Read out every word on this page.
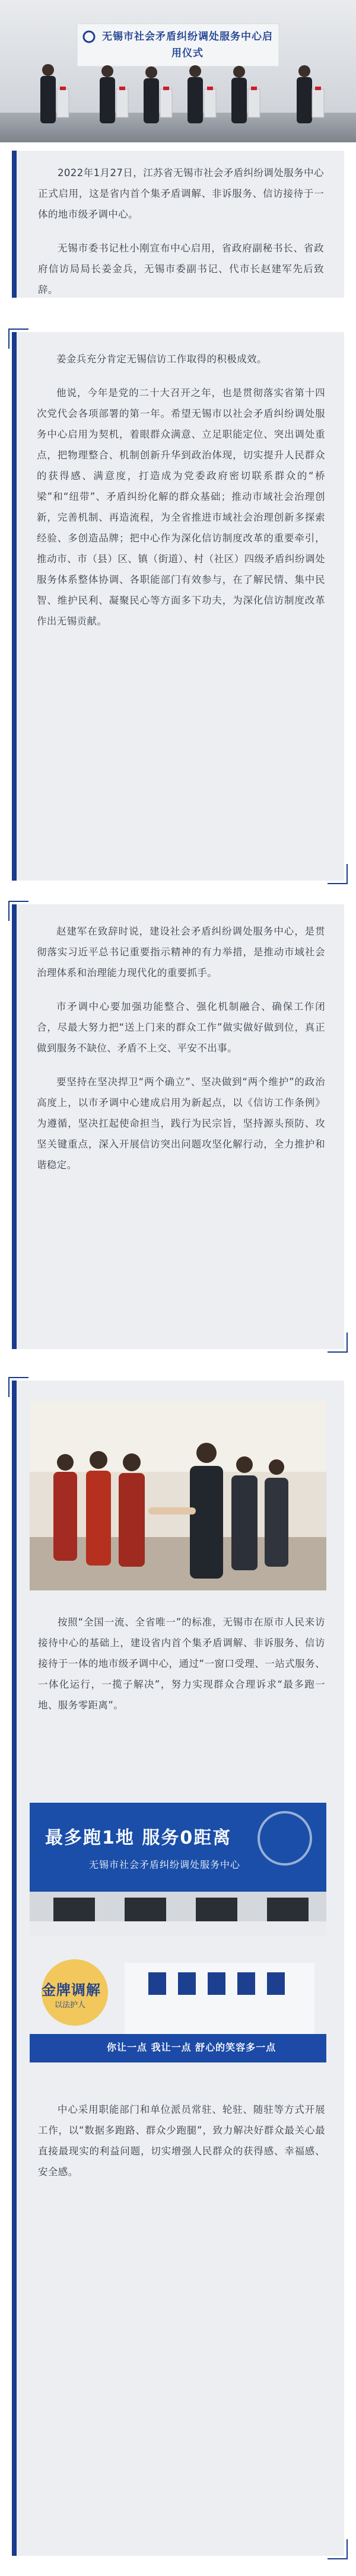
无锡市社会矛盾纠纷调处服务中心启用仪式

2022年1月27日，江苏省无锡市社会矛盾纠纷调处服务中心正式启用，这是省内首个集矛盾调解、非诉服务、信访接待于一体的地市级矛调中心。

无锡市委书记杜小刚宣布中心启用，省政府副秘书长、省政府信访局局长姜金兵，无锡市委副书记、代市长赵建军先后致辞。

姜金兵充分肯定无锡信访工作取得的积极成效。

他说，今年是党的二十大召开之年，也是贯彻落实省第十四次党代会各项部署的第一年。希望无锡市以社会矛盾纠纷调处服务中心启用为契机，着眼群众满意、立足职能定位、突出调处重点，把物理整合、机制创新升华到政治体现，切实提升人民群众的获得感、满意度，打造成为党委政府密切联系群众的“桥梁”和“纽带”、矛盾纠纷化解的群众基础；推动市域社会治理创新，完善机制、再造流程，为全省推进市域社会治理创新多探索经验、多创造品牌；把中心作为深化信访制度改革的重要牵引，推动市、市（县）区、镇（街道）、村（社区）四级矛盾纠纷调处服务体系整体协调、各职能部门有效参与，在了解民情、集中民智、维护民利、凝聚民心等方面多下功夫，为深化信访制度改革作出无锡贡献。

赵建军在致辞时说，建设社会矛盾纠纷调处服务中心，是贯彻落实习近平总书记重要指示精神的有力举措，是推动市域社会治理体系和治理能力现代化的重要抓手。

市矛调中心要加强功能整合、强化机制融合、确保工作闭合，尽最大努力把“送上门来的群众工作”做实做好做到位，真正做到服务不缺位、矛盾不上交、平安不出事。

要坚持在坚决捍卫“两个确立”、坚决做到“两个维护”的政治高度上，以市矛调中心建成启用为新起点，以《信访工作条例》为遵循，坚决扛起使命担当，践行为民宗旨，坚持源头预防、攻坚关键重点，深入开展信访突出问题攻坚化解行动，全力推护和谐稳定。

按照“全国一流、全省唯一”的标准，无锡市在原市人民来访接待中心的基础上，建设省内首个集矛盾调解、非诉服务、信访接待于一体的地市级矛调中心，通过“一窗口受理、一站式服务、一体化运行，一揽子解决”，努力实现群众合理诉求“最多跑一地、服务零距离”。

最多跑1地 服务0距离
无锡市社会矛盾纠纷调处服务中心
金牌调解
以法护人
你让一点 我让一点 舒心的笑容多一点

中心采用职能部门和单位派员常驻、轮驻、随驻等方式开展工作，以“数据多跑路、群众少跑腿”，致力解决好群众最关心最直接最现实的利益问题，切实增强人民群众的获得感、幸福感、安全感。
